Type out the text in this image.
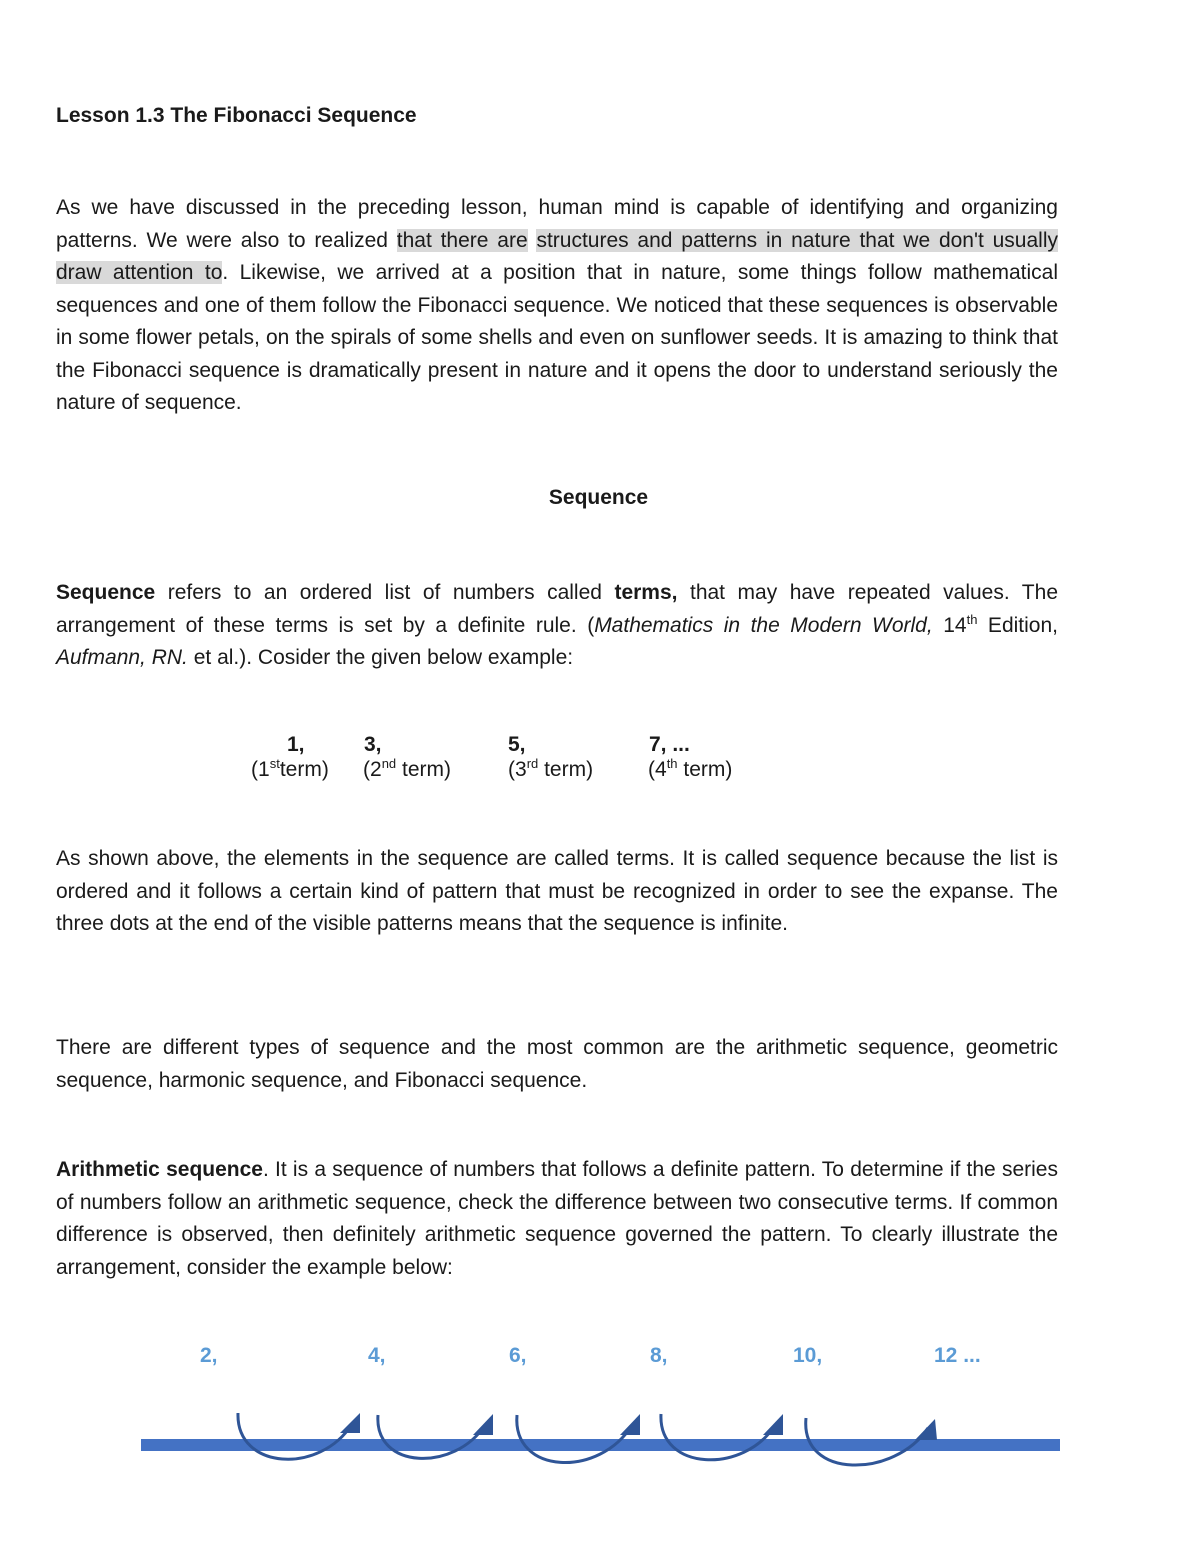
Lesson 1.3 The Fibonacci Sequence

As we have discussed in the preceding lesson, human mind is capable of identifying and organizing patterns. We were also to realized that there are structures and patterns in nature that we don't usually draw attention to. Likewise, we arrived at a position that in nature, some things follow mathematical sequences and one of them follow the Fibonacci sequence. We noticed that these sequences is observable in some flower petals, on the spirals of some shells and even on sunflower seeds. It is amazing to think that the Fibonacci sequence is dramatically present in nature and it opens the door to understand seriously the nature of sequence.

Sequence

Sequence refers to an ordered list of numbers called terms, that may have repeated values. The arrangement of these terms is set by a definite rule. (Mathematics in the Modern World, 14th Edition, Aufmann, RN. et al.). Cosider the given below example:

1,	3,	5,	7, ...
(1stterm) (2nd term)	(3rd term)	(4th term)

As shown above, the elements in the sequence are called terms. It is called sequence because the list is ordered and it follows a certain kind of pattern that must be recognized in order to see the expanse. The three dots at the end of the visible patterns means that the sequence is infinite.

There are different types of sequence and the most common are the arithmetic sequence, geometric sequence, harmonic sequence, and Fibonacci sequence.

Arithmetic sequence. It is a sequence of numbers that follows a definite pattern. To determine if the series of numbers follow an arithmetic sequence, check the difference between two consecutive terms. If common difference is observed, then definitely arithmetic sequence governed the pattern. To clearly illustrate the arrangement, consider the example below:

2,	4,	6,	8,	10,	12 ...
